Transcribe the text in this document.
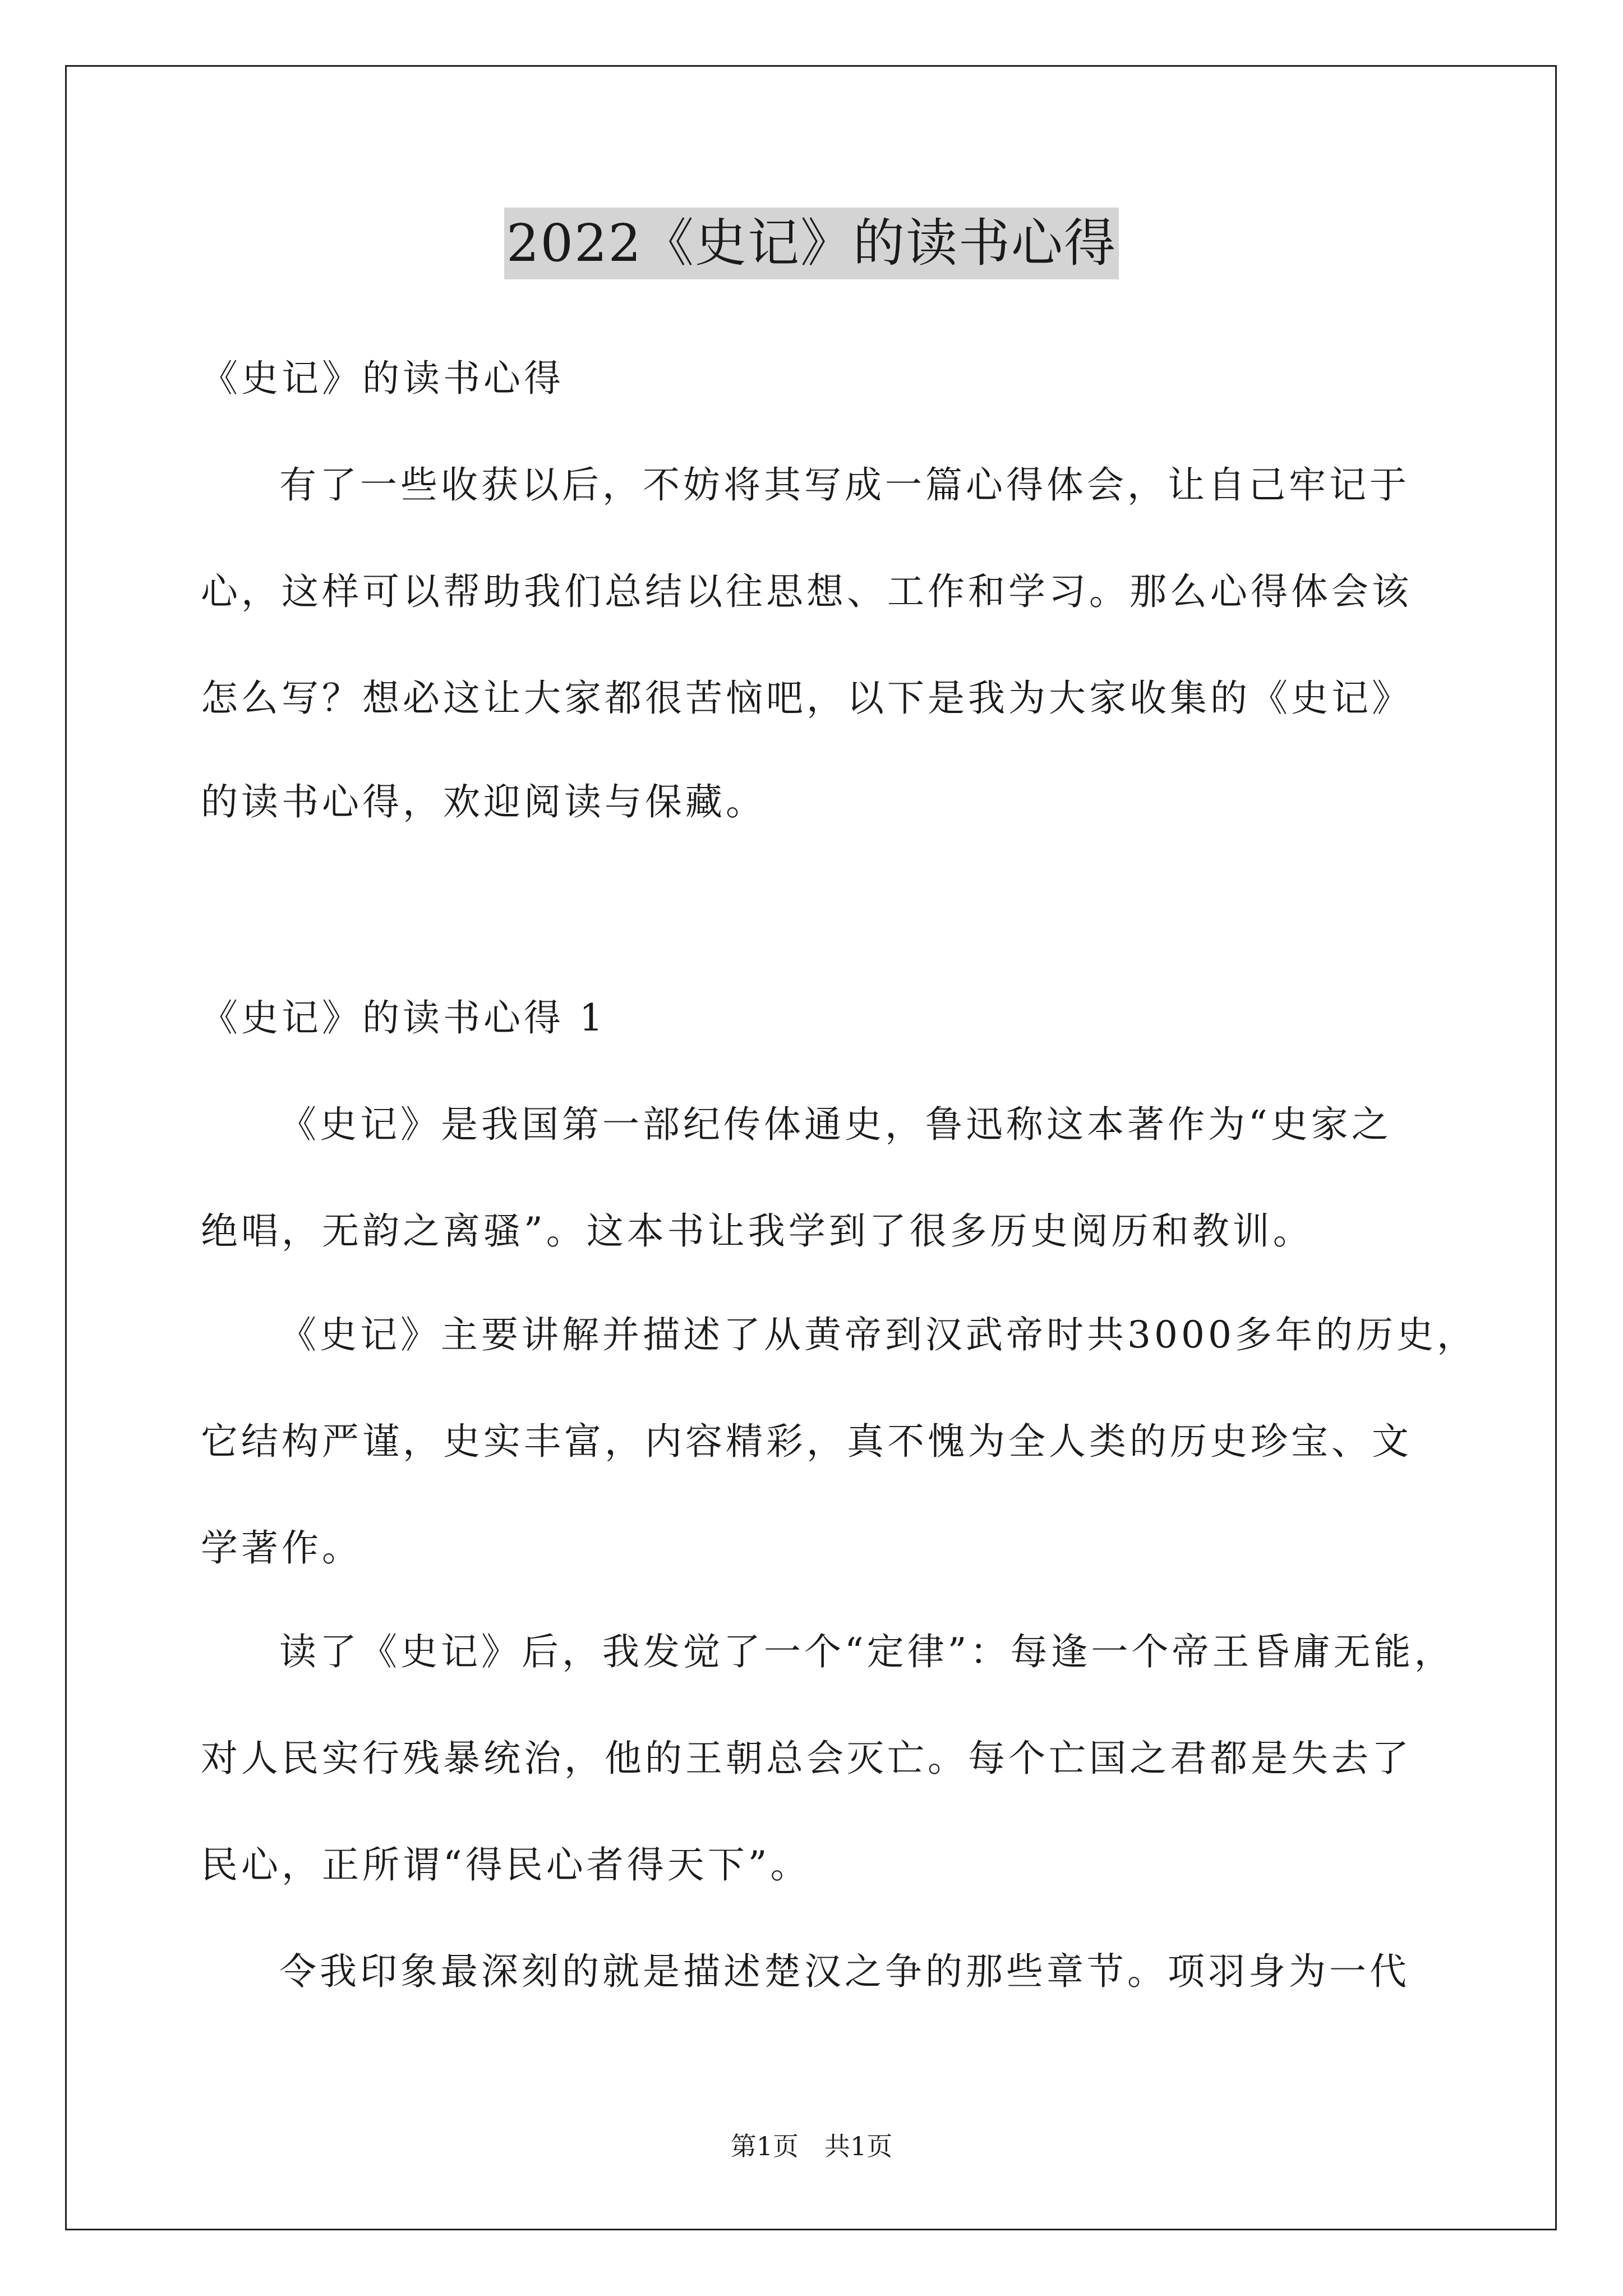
2022《史记》的读书心得
《史记》的读书心得
有了一些收获以后，不妨将其写成一篇心得体会，让自己牢记于
心，这样可以帮助我们总结以往思想、工作和学习。那么心得体会该
怎么写？想必这让大家都很苦恼吧，以下是我为大家收集的《史记》
的读书心得，欢迎阅读与保藏。
《史记》的读书心得 1
《史记》是我国第一部纪传体通史，鲁迅称这本著作为“史家之
绝唱，无韵之离骚”。这本书让我学到了很多历史阅历和教训。
《史记》主要讲解并描述了从黄帝到汉武帝时共3000多年的历史，
它结构严谨，史实丰富，内容精彩，真不愧为全人类的历史珍宝、文
学著作。
读了《史记》后，我发觉了一个“定律”：每逢一个帝王昏庸无能，
对人民实行残暴统治，他的王朝总会灭亡。每个亡国之君都是失去了
民心，正所谓“得民心者得天下”。
令我印象最深刻的就是描述楚汉之争的那些章节。项羽身为一代
第1页 共1页
